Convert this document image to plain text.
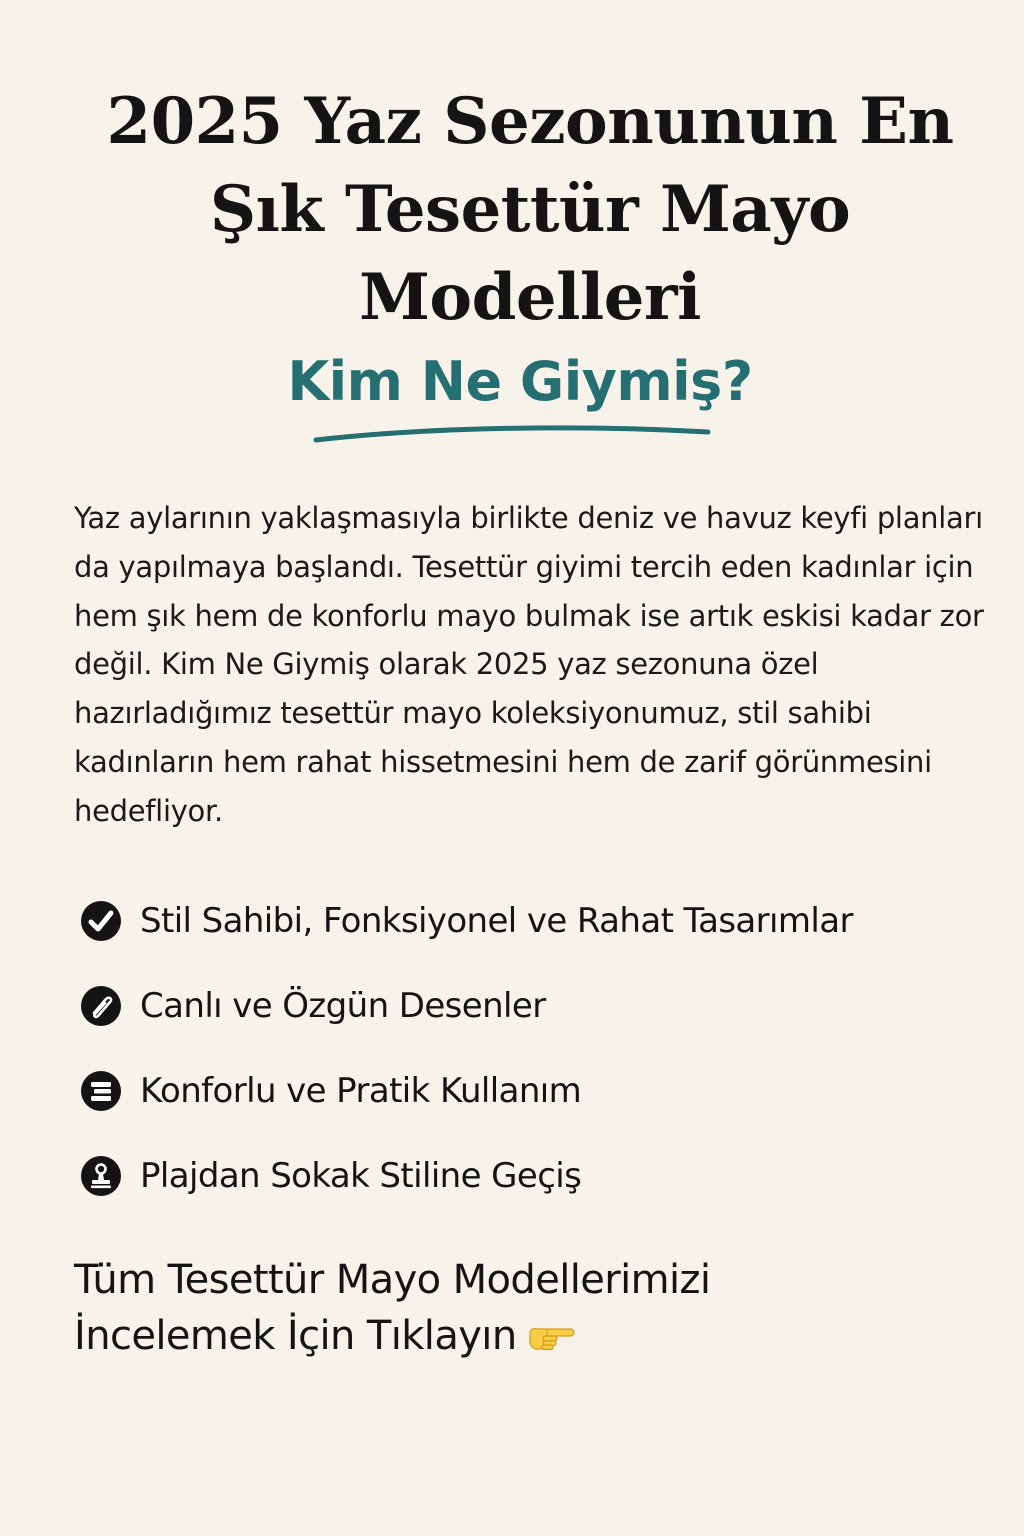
2025 Yaz Sezonunun En Şık Tesettür Mayo Modelleri
Kim Ne Giymiş?

Yaz aylarının yaklaşmasıyla birlikte deniz ve havuz keyfi planları da yapılmaya başlandı. Tesettür giyimi tercih eden kadınlar için hem şık hem de konforlu mayo bulmak ise artık eskisi kadar zor değil. Kim Ne Giymiş olarak 2025 yaz sezonuna özel hazırladığımız tesettür mayo koleksiyonumuz, stil sahibi kadınların hem rahat hissetmesini hem de zarif görünmesini hedefliyor.

Stil Sahibi, Fonksiyonel ve Rahat Tasarımlar
Canlı ve Özgün Desenler
Konforlu ve Pratik Kullanım
Plajdan Sokak Stiline Geçiş

Tüm Tesettür Mayo Modellerimizi İncelemek İçin Tıklayın
